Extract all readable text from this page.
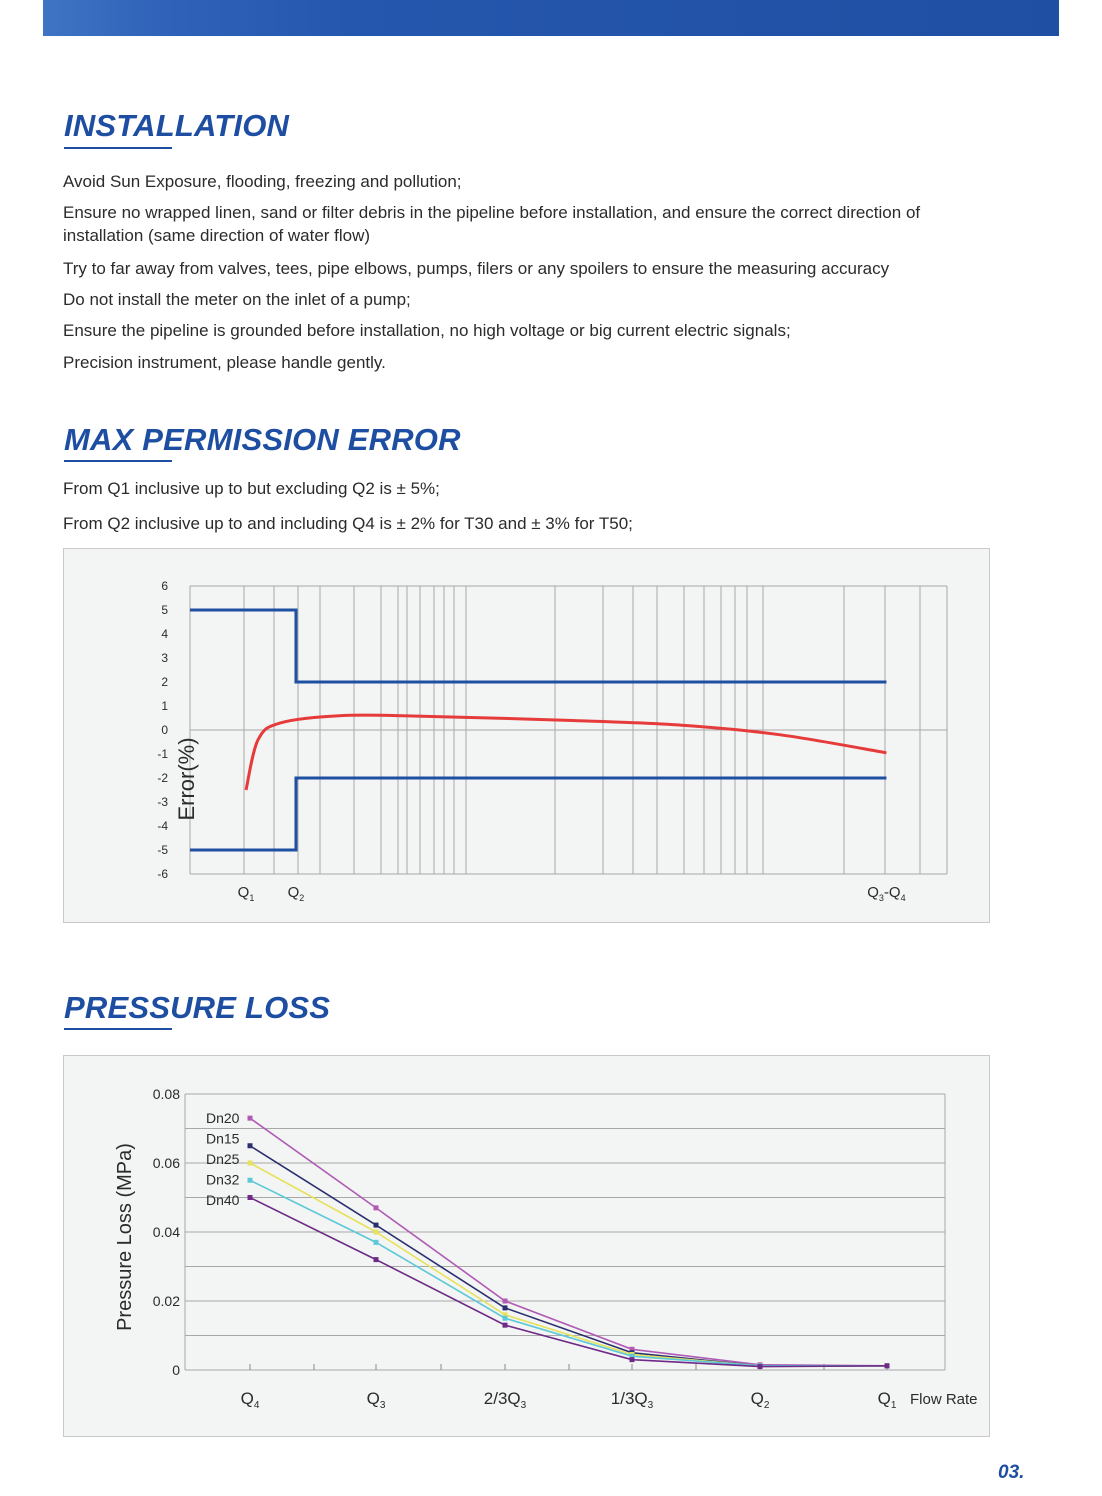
INSTALLATION

Avoid Sun Exposure, flooding, freezing and pollution;

Ensure no wrapped linen, sand or filter debris in the pipeline before installation, and ensure the correct direction of installation (same direction of water flow)

Try to far away from valves, tees, pipe elbows, pumps, filers or any spoilers to ensure the measuring accuracy

Do not install the meter on the inlet of a pump;

Ensure the pipeline is grounded before installation, no high voltage or big current electric signals;

Precision instrument, please handle gently.

MAX PERMISSION ERROR

From Q1 inclusive up to but excluding Q2 is ± 5%;

From Q2 inclusive up to and including Q4 is ± 2% for T30 and ± 3% for T50;

6
5
4
3
2
1
0
-1
-2
-3
-4
-5
-6
$Q_1$ $Q_2$	$Q_3-Q_4$
Error(%)
PRESSURE LOSS
0.08
0.06
0.04
0.02
0
Dn20
Dn15
Dn25
Dn32
Dn40
$Q_4$	$Q_3$	$2/3Q_3$	$1/3Q_3$	$Q_2$	$Q_1$
Pressure Loss (MPa)
Flow Rate

03.
